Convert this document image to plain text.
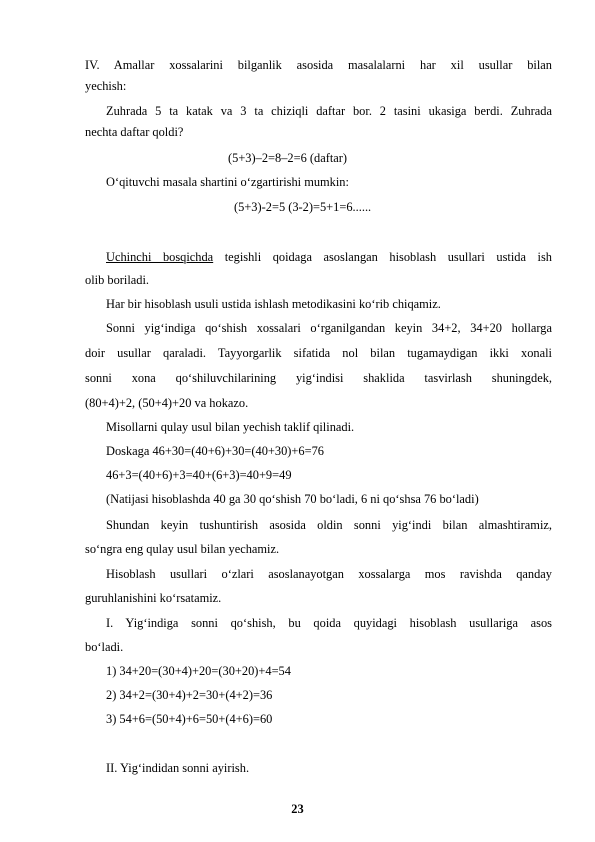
IV. Amallar xossalarini bilganlik asosida masalalarni har xil usullar bilan
yechish:
Zuhrada 5 ta katak va 3 ta chiziqli daftar bor. 2 tasini ukasiga berdi. Zuhrada
nechta daftar qoldi?
(5+3)–2=8–2=6 (daftar)
O‘qituvchi masala shartini o‘zgartirishi mumkin:
(5+3)-2=5 (3-2)=5+1=6......
Uchinchi bosqichda tegishli qoidaga asoslangan hisoblash usullari ustida ish
olib boriladi.
Har bir hisoblash usuli ustida ishlash metodikasini ko‘rib chiqamiz.
Sonni yig‘indiga qo‘shish xossalari o‘rganilgandan keyin 34+2, 34+20 hollarga
doir usullar qaraladi. Tayyorgarlik sifatida nol bilan tugamaydigan ikki xonali
sonni xona qo‘shiluvchilarining yig‘indisi shaklida tasvirlash shuningdek,
(80+4)+2, (50+4)+20 va hokazo.
Misollarni qulay usul bilan yechish taklif qilinadi.
Doskaga 46+30=(40+6)+30=(40+30)+6=76
46+3=(40+6)+3=40+(6+3)=40+9=49
(Natijasi hisoblashda 40 ga 30 qo‘shish 70 bo‘ladi, 6 ni qo‘shsa 76 bo‘ladi)
Shundan keyin tushuntirish asosida oldin sonni yig‘indi bilan almashtiramiz,
so‘ngra eng qulay usul bilan yechamiz.
Hisoblash usullari o‘zlari asoslanayotgan xossalarga mos ravishda qanday
guruhlanishini ko‘rsatamiz.
I. Yig‘indiga sonni qo‘shish, bu qoida quyidagi hisoblash usullariga asos
bo‘ladi.
1) 34+20=(30+4)+20=(30+20)+4=54
2) 34+2=(30+4)+2=30+(4+2)=36
3) 54+6=(50+4)+6=50+(4+6)=60
II. Yig‘indidan sonni ayirish.
23
